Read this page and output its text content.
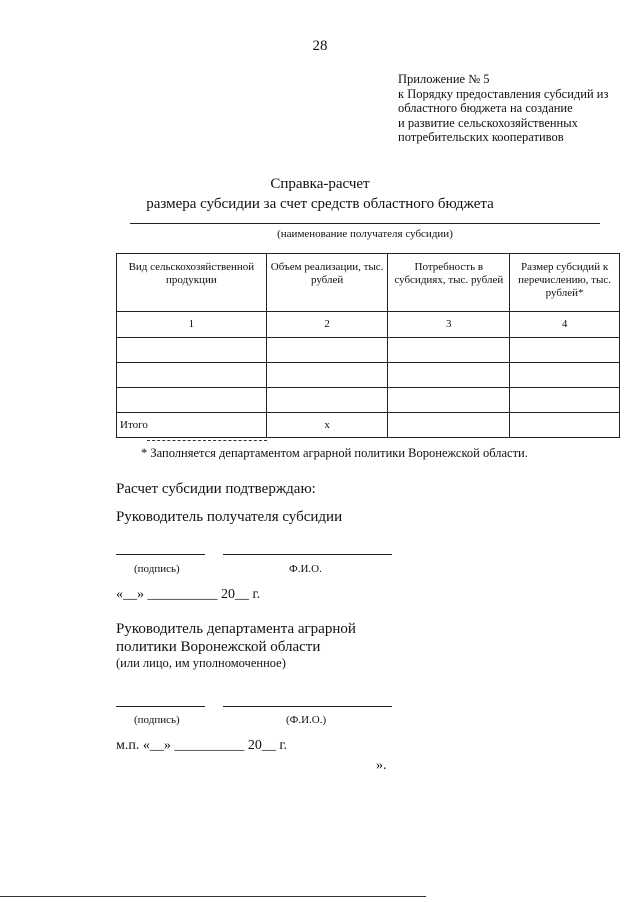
28
Приложение № 5
к Порядку предоставления субсидий из
областного бюджета на создание
и развитие сельскохозяйственных
потребительских кооперативов
Справка-расчет
размера субсидии за счет средств областного бюджета
(наименование получателя субсидии)
Вид сельскохозяйственной продукции	Объем реализации, тыс. рублей	Потребность в субсидиях, тыс. рублей	Размер субсидий к перечислению, тыс. рублей*
1	2	3	4

Итого	x		
* Заполняется департаментом аграрной политики Воронежской области.
Расчет субсидии подтверждаю:
Руководитель получателя субсидии
(подпись)	Ф.И.О.
«__» __________ 20__ г.
Руководитель департамента аграрной
политики Воронежской области
(или лицо, им уполномоченное)
(подпись)	(Ф.И.О.)
м.п. «__» __________ 20__ г.
».
